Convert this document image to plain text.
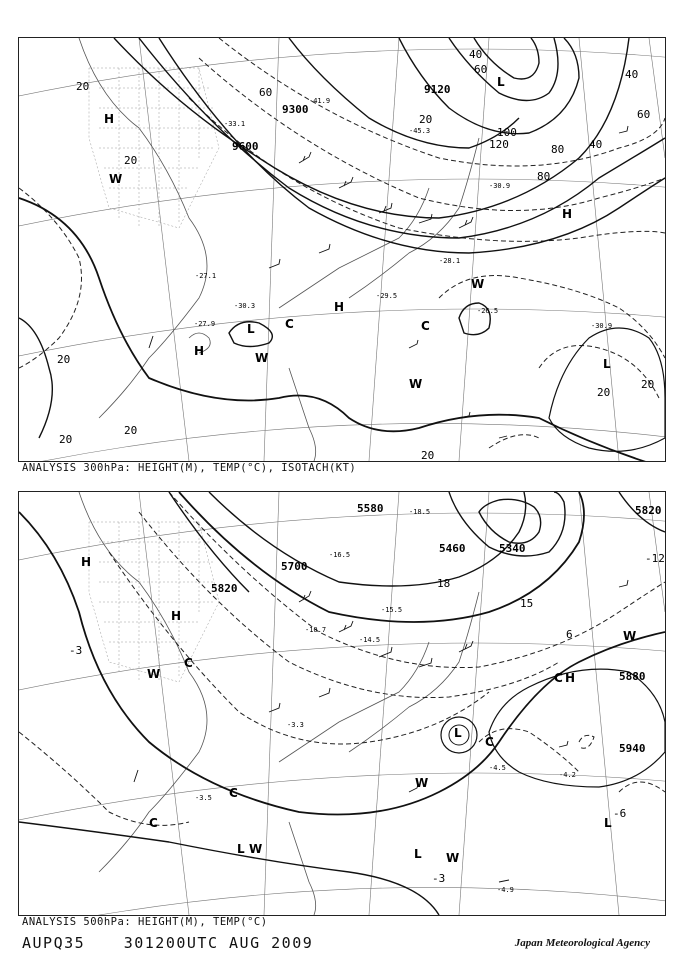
9300
9600
9120
20
20
20
20
20
20
20
20
20
40
40
40
60
60
60
80
80
100
120
H
H
H
H
L
L
L
C
C
W
W
W
W
-45.3
-41.9
-33.1
-30.9
-29.5
-27.9
-26.5
-30.3
-27.1
-28.1
-30.9
ANALYSIS 300hPa: HEIGHT(M), TEMP(°C), ISOTACH(KT)
5580
5700
5820
5460	5340
5820
5880
5940
-3
6
15
18
-6
-12
-3
H
H
H
L
L	L
L
C
C
C
C
C
W
W
W
W
W
-18.5
-16.5
-15.5
-14.5
-10.7
-3.3
-4.5
-3.5
-4.2
-4.9
ANALYSIS 500hPa: HEIGHT(M), TEMP(°C)
AUPQ35	301200UTC AUG 2009	Japan Meteorological Agency
